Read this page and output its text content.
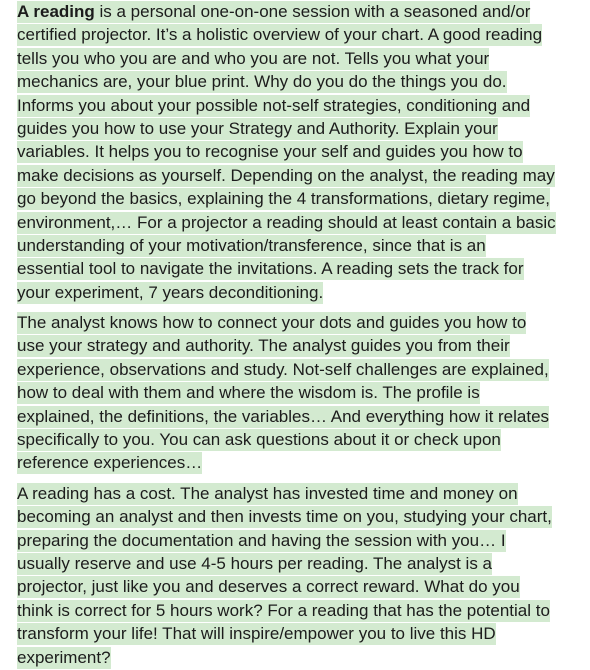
A reading is a personal one-on-one session with a seasoned and/or
certified projector. It’s a holistic overview of your chart. A good reading
tells you who you are and who you are not. Tells you what your
mechanics are, your blue print. Why do you do the things you do.
Informs you about your possible not-self strategies, conditioning and
guides you how to use your Strategy and Authority. Explain your
variables. It helps you to recognise your self and guides you how to
make decisions as yourself. Depending on the analyst, the reading may
go beyond the basics, explaining the 4 transformations, dietary regime,
environment,… For a projector a reading should at least contain a basic
understanding of your motivation/transference, since that is an
essential tool to navigate the invitations. A reading sets the track for
your experiment, 7 years deconditioning.
The analyst knows how to connect your dots and guides you how to
use your strategy and authority. The analyst guides you from their
experience, observations and study. Not-self challenges are explained,
how to deal with them and where the wisdom is. The profile is
explained, the definitions, the variables… And everything how it relates
specifically to you. You can ask questions about it or check upon
reference experiences…
A reading has a cost. The analyst has invested time and money on
becoming an analyst and then invests time on you, studying your chart,
preparing the documentation and having the session with you… I
usually reserve and use 4-5 hours per reading. The analyst is a
projector, just like you and deserves a correct reward. What do you
think is correct for 5 hours work? For a reading that has the potential to
transform your life! That will inspire/empower you to live this HD
experiment?
